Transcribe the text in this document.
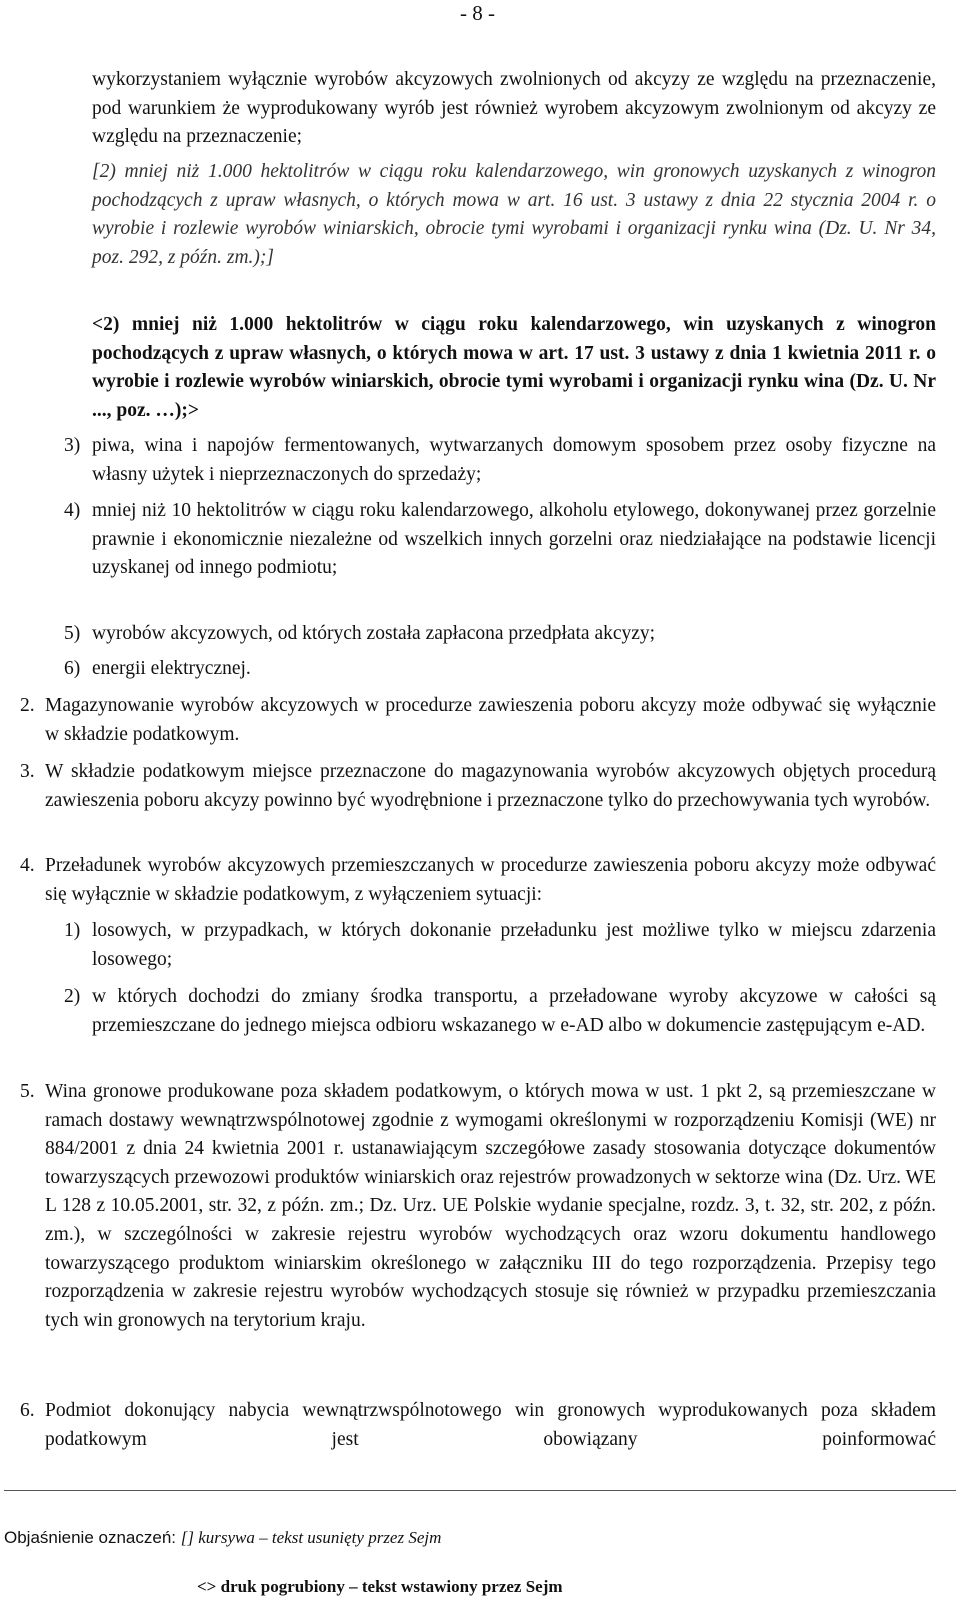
- 8 -
wykorzystaniem wyłącznie wyrobów akcyzowych zwolnionych od akcyzy ze względu na przeznaczenie, pod warunkiem że wyprodukowany wyrób jest również wyrobem akcyzowym zwolnionym od akcyzy ze względu na przeznaczenie;
[2) mniej niż 1.000 hektolitrów w ciągu roku kalendarzowego, win gronowych uzyskanych z winogron pochodzących z upraw własnych, o których mowa w art. 16 ust. 3 ustawy z dnia 22 stycznia 2004 r. o wyrobie i rozlewie wyrobów winiarskich, obrocie tymi wyrobami i organizacji rynku wina (Dz. U. Nr 34, poz. 292, z późn. zm.);]
<2) mniej niż 1.000 hektolitrów w ciągu roku kalendarzowego, win uzyskanych z winogron pochodzących z upraw własnych, o których mowa w art. 17 ust. 3 ustawy z dnia 1 kwietnia 2011 r. o wyrobie i rozlewie wyrobów winiarskich, obrocie tymi wyrobami i organizacji rynku wina (Dz. U. Nr ..., poz. …);>
3) piwa, wina i napojów fermentowanych, wytwarzanych domowym sposobem przez osoby fizyczne na własny użytek i nieprzeznaczonych do sprzedaży;
4) mniej niż 10 hektolitrów w ciągu roku kalendarzowego, alkoholu etylowego, dokonywanej przez gorzelnie prawnie i ekonomicznie niezależne od wszelkich innych gorzelni oraz niedziałające na podstawie licencji uzyskanej od innego podmiotu;
5) wyrobów akcyzowych, od których została zapłacona przedpłata akcyzy;
6) energii elektrycznej.
2. Magazynowanie wyrobów akcyzowych w procedurze zawieszenia poboru akcyzy może odbywać się wyłącznie w składzie podatkowym.
3. W składzie podatkowym miejsce przeznaczone do magazynowania wyrobów akcyzowych objętych procedurą zawieszenia poboru akcyzy powinno być wyodrębnione i przeznaczone tylko do przechowywania tych wyrobów.
4. Przeładunek wyrobów akcyzowych przemieszczanych w procedurze zawieszenia poboru akcyzy może odbywać się wyłącznie w składzie podatkowym, z wyłączeniem sytuacji:
1) losowych, w przypadkach, w których dokonanie przeładunku jest możliwe tylko w miejscu zdarzenia losowego;
2) w których dochodzi do zmiany środka transportu, a przeładowane wyroby akcyzowe w całości są przemieszczane do jednego miejsca odbioru wskazanego w e-AD albo w dokumencie zastępującym e-AD.
5. Wina gronowe produkowane poza składem podatkowym, o których mowa w ust. 1 pkt 2, są przemieszczane w ramach dostawy wewnątrzwspólnotowej zgodnie z wymogami określonymi w rozporządzeniu Komisji (WE) nr 884/2001 z dnia 24 kwietnia 2001 r. ustanawiającym szczegółowe zasady stosowania dotyczące dokumentów towarzyszących przewozowi produktów winiarskich oraz rejestrów prowadzonych w sektorze wina (Dz. Urz. WE L 128 z 10.05.2001, str. 32, z późn. zm.; Dz. Urz. UE Polskie wydanie specjalne, rozdz. 3, t. 32, str. 202, z późn. zm.), w szczególności w zakresie rejestru wyrobów wychodzących oraz wzoru dokumentu handlowego towarzyszącego produktom winiarskim określonego w załączniku III do tego rozporządzenia. Przepisy tego rozporządzenia w zakresie rejestru wyrobów wychodzących stosuje się również w przypadku przemieszczania tych win gronowych na terytorium kraju.
6. Podmiot dokonujący nabycia wewnątrzwspólnotowego win gronowych wyprodukowanych poza składem podatkowym jest obowiązany poinformować
Objaśnienie oznaczeń: [] kursywa – tekst usunięty przez Sejm
<> druk pogrubiony – tekst wstawiony przez Sejm
